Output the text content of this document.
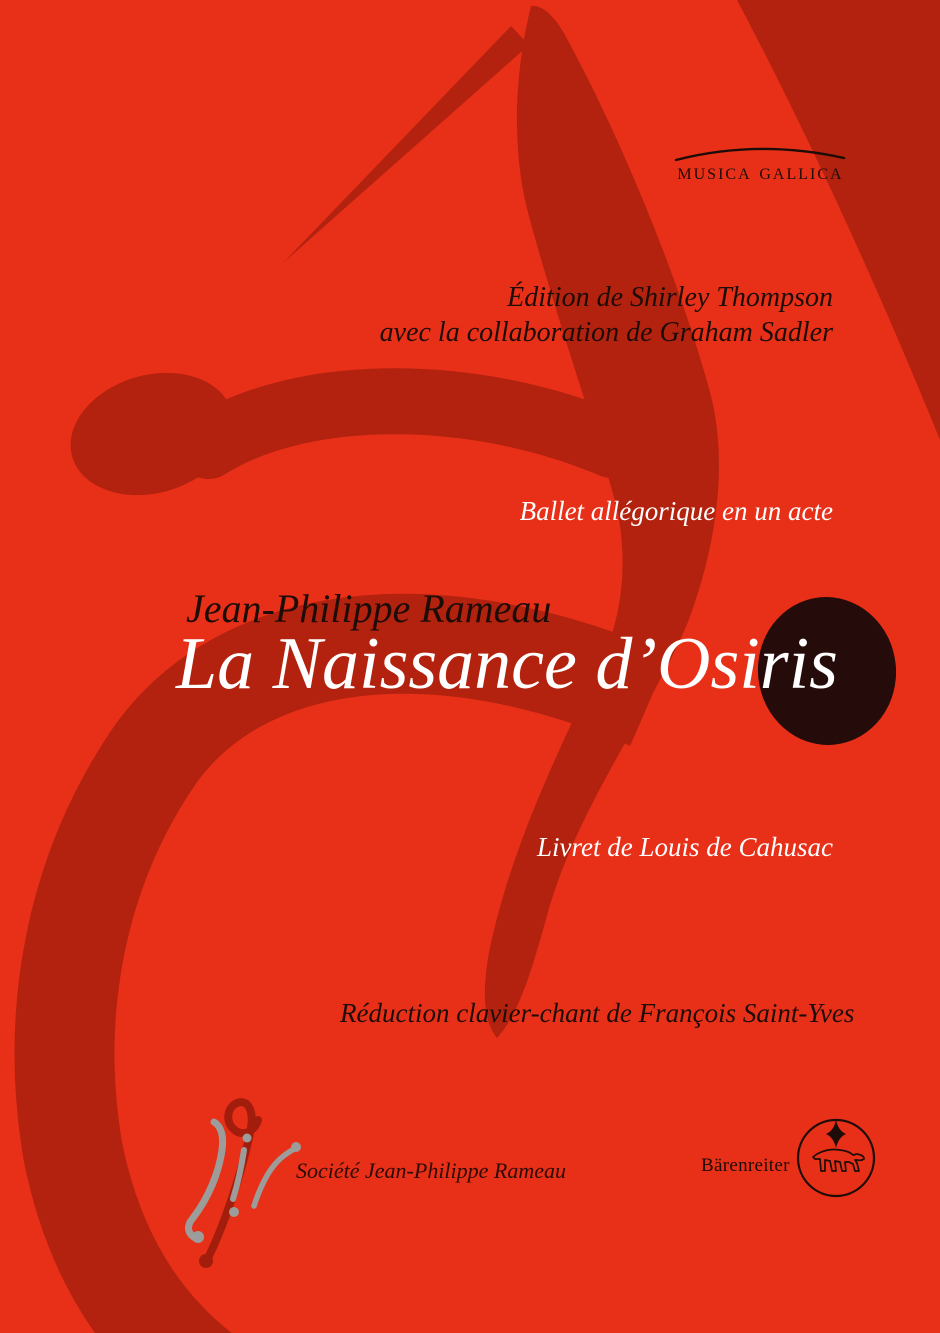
musica gallica
Édition de Shirley Thompson
avec la collaboration de Graham Sadler
Ballet allégorique en un acte
Jean-Philippe Rameau
La Naissance d’Osiris
Livret de Louis de Cahusac
Réduction clavier-chant de François Saint-Yves
Société Jean-Philippe Rameau	Bärenreiter
